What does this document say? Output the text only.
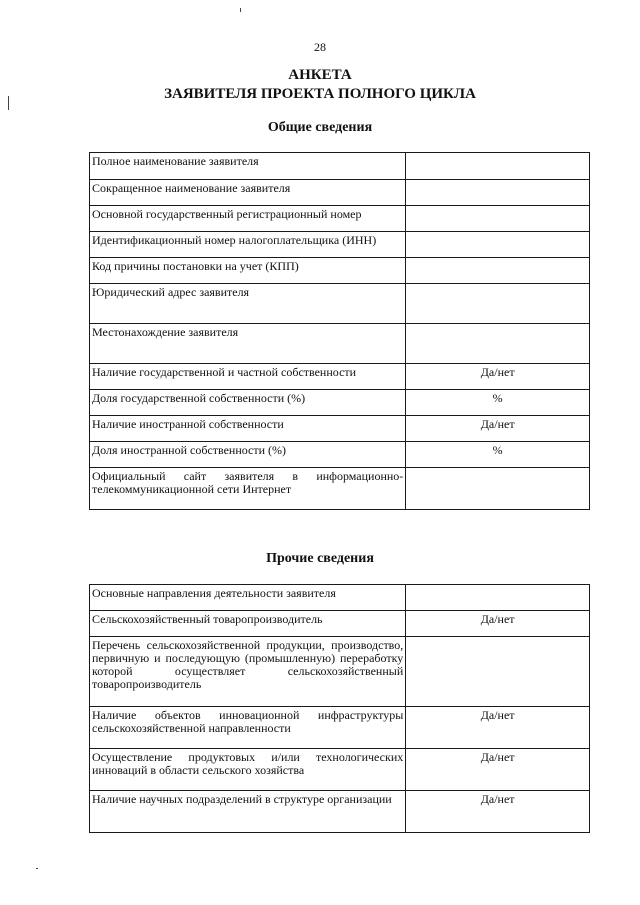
28
АНКЕТА
ЗАЯВИТЕЛЯ ПРОЕКТА ПОЛНОГО ЦИКЛА
Общие сведения
Полное наименование заявителя	
Сокращенное наименование заявителя	
Основной государственный регистрационный номер	
Идентификационный номер налогоплательщика (ИНН)	
Код причины постановки на учет (КПП)	
Юридический адрес заявителя	
Местонахождение заявителя	
Наличие государственной и частной собственности	Да/нет
Доля государственной собственности (%)	%
Наличие иностранной собственности	Да/нет
Доля иностранной собственности (%)	%
Официальный сайт заявителя в информационно-телекоммуникационной сети Интернет	
Прочие сведения
Основные направления деятельности заявителя	
Сельскохозяйственный товаропроизводитель	Да/нет
Перечень сельскохозяйственной продукции, производство, первичную и последующую (промышленную) переработку которой осуществляет сельскохозяйственный товаропроизводитель	
Наличие объектов инновационной инфраструктуры сельскохозяйственной направленности	Да/нет
Осуществление продуктовых и/или технологических инноваций в области сельского хозяйства	Да/нет
Наличие научных подразделений в структуре организации	Да/нет
